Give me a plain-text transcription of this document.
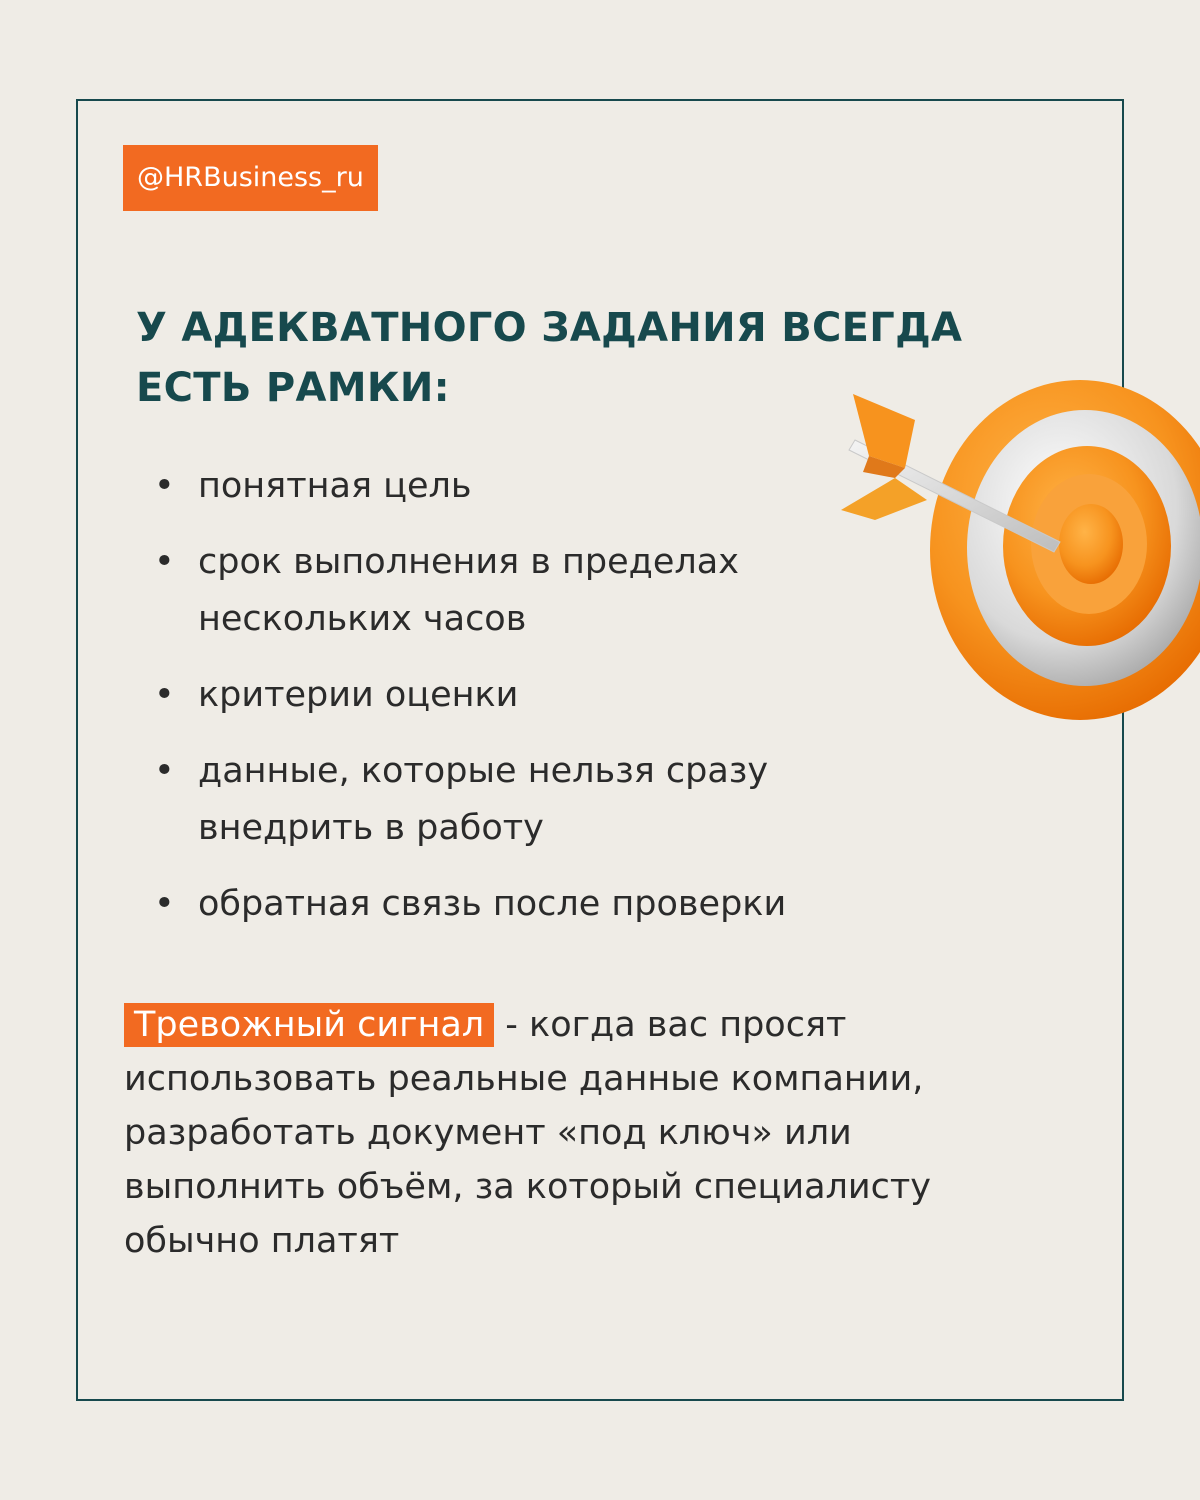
@HRBusiness_ru
У АДЕКВАТНОГО ЗАДАНИЯ ВСЕГДА
ЕСТЬ РАМКИ:
• понятная цель
• срок выполнения в пределах нескольких часов
• критерии оценки
• данные, которые нельзя сразу внедрить в работу
• обратная связь после проверки

Тревожный сигнал - когда вас просят использовать реальные данные компании, разработать документ «под ключ» или выполнить объём, за который специалисту обычно платят
